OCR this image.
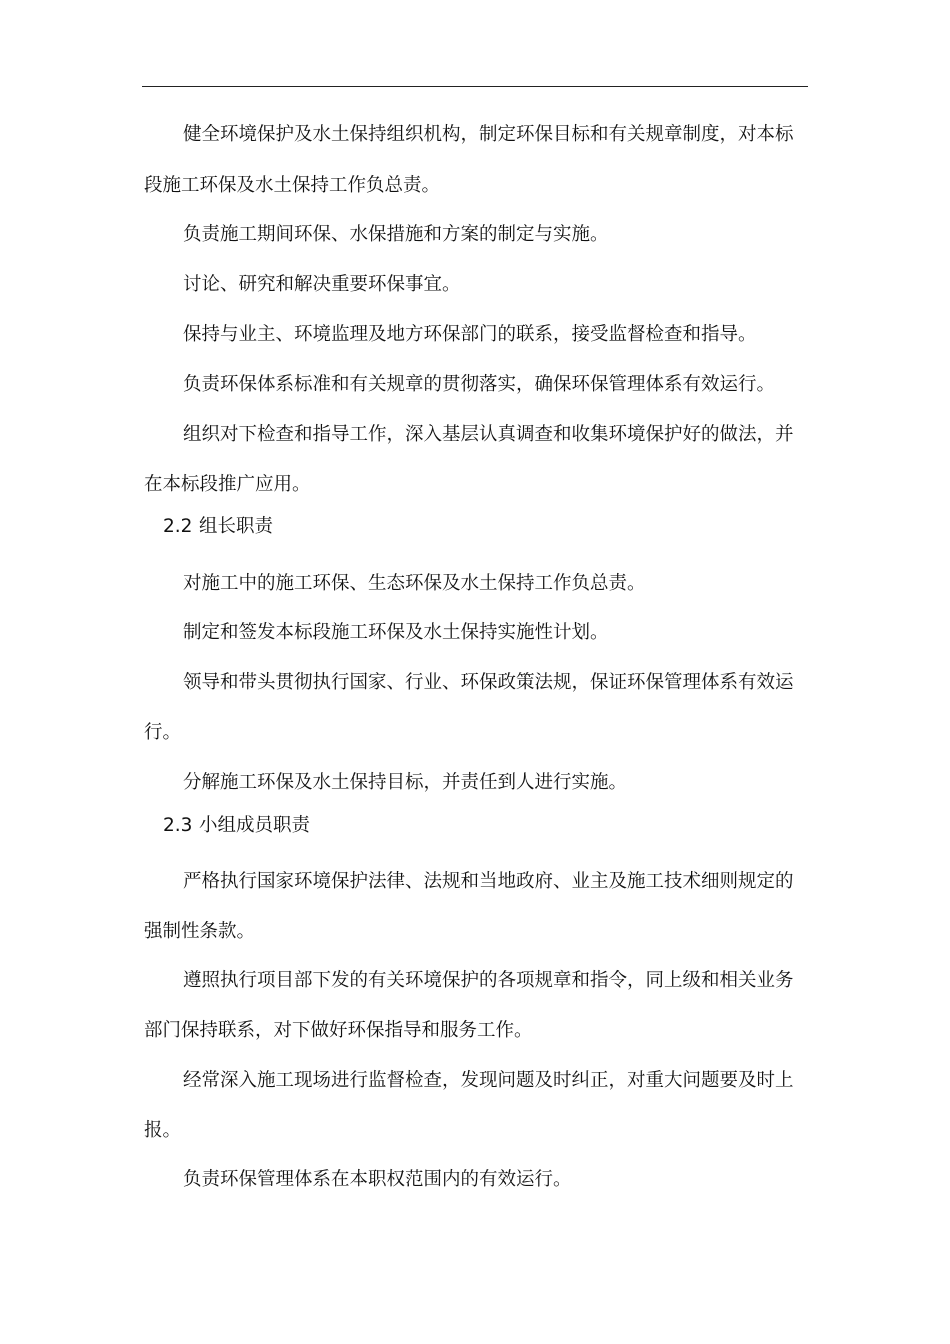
健全环境保护及水土保持组织机构，制定环保目标和有关规章制度，对本标
段施工环保及水土保持工作负总责。
负责施工期间环保、水保措施和方案的制定与实施。
讨论、研究和解决重要环保事宜。
保持与业主、环境监理及地方环保部门的联系，接受监督检查和指导。
负责环保体系标准和有关规章的贯彻落实，确保环保管理体系有效运行。
组织对下检查和指导工作，深入基层认真调查和收集环境保护好的做法，并
在本标段推广应用。
2.2 组长职责
对施工中的施工环保、生态环保及水土保持工作负总责。
制定和签发本标段施工环保及水土保持实施性计划。
领导和带头贯彻执行国家、行业、环保政策法规，保证环保管理体系有效运
行。
分解施工环保及水土保持目标，并责任到人进行实施。
2.3 小组成员职责
严格执行国家环境保护法律、法规和当地政府、业主及施工技术细则规定的
强制性条款。
遵照执行项目部下发的有关环境保护的各项规章和指令，同上级和相关业务
部门保持联系，对下做好环保指导和服务工作。
经常深入施工现场进行监督检查，发现问题及时纠正，对重大问题要及时上
报。
负责环保管理体系在本职权范围内的有效运行。
